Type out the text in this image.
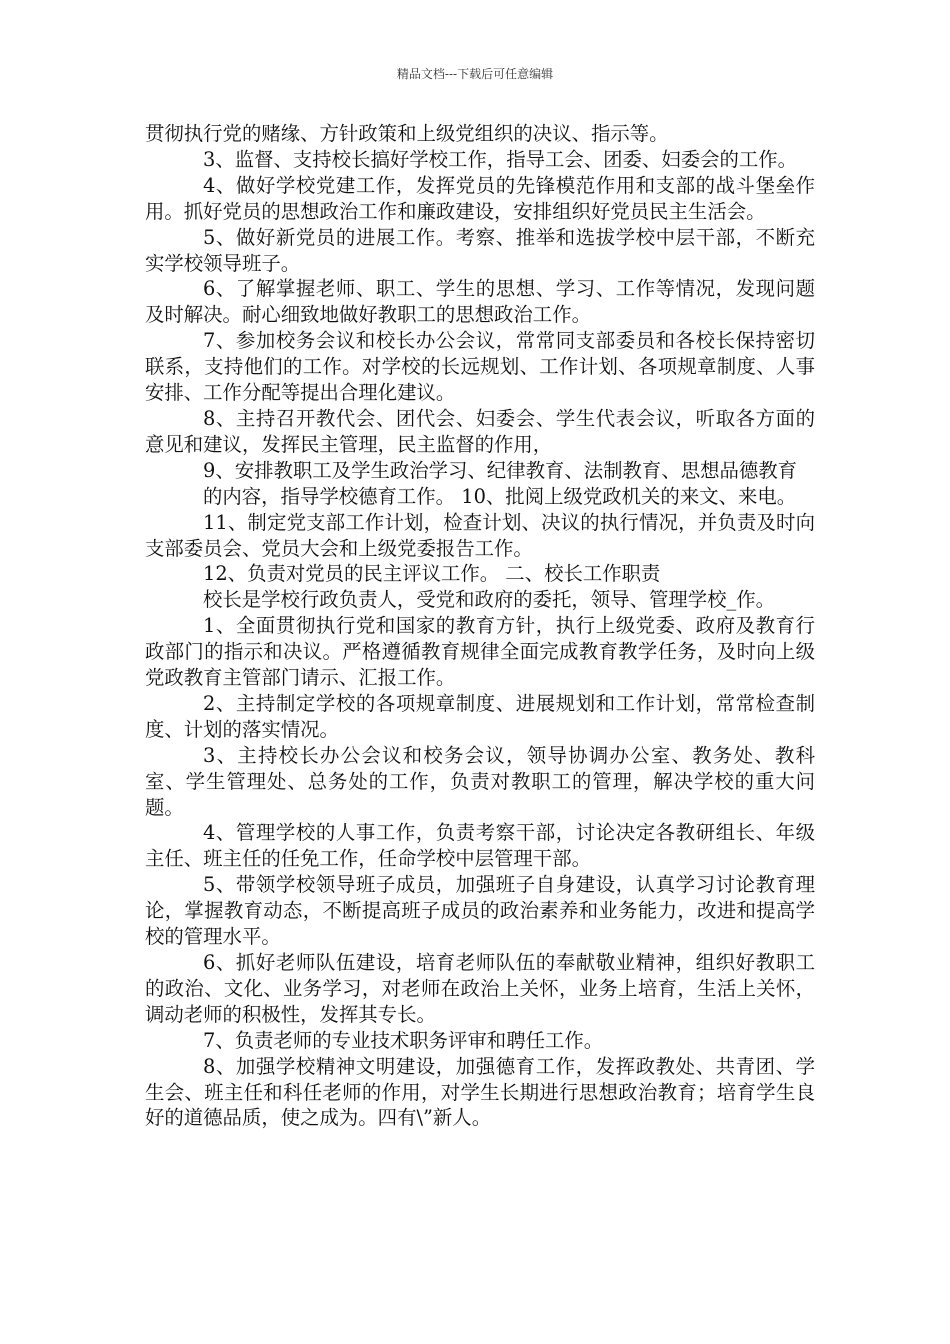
精品文档---下载后可任意编辑

贯彻执行党的赌缘、方针政策和上级党组织的决议、指示等。

3、监督、支持校长搞好学校工作，指导工会、团委、妇委会的工作。

4、做好学校党建工作，发挥党员的先锋模范作用和支部的战斗堡垒作用。抓好党员的思想政治工作和廉政建设，安排组织好党员民主生活会。

5、做好新党员的进展工作。考察、推举和选拔学校中层干部，不断充实学校领导班子。

6、了解掌握老师、职工、学生的思想、学习、工作等情况，发现问题及时解决。耐心细致地做好教职工的思想政治工作。

7、参加校务会议和校长办公会议，常常同支部委员和各校长保持密切联系，支持他们的工作。对学校的长远规划、工作计划、各项规章制度、人事安排、工作分配等提出合理化建议。

8、主持召开教代会、团代会、妇委会、学生代表会议，听取各方面的意见和建议，发挥民主管理，民主监督的作用，

9、安排教职工及学生政治学习、纪律教育、法制教育、思想品德教育

的内容，指导学校德育工作。 10、批阅上级党政机关的来文、来电。

11、制定党支部工作计划，检查计划、决议的执行情况，并负责及时向支部委员会、党员大会和上级党委报告工作。

12、负责对党员的民主评议工作。 二、校长工作职责

校长是学校行政负责人，受党和政府的委托，领导、管理学校_作。

1、全面贯彻执行党和国家的教育方针，执行上级党委、政府及教育行政部门的指示和决议。严格遵循教育规律全面完成教育教学任务，及时向上级党政教育主管部门请示、汇报工作。

2、主持制定学校的各项规章制度、进展规划和工作计划，常常检查制度、计划的落实情况。

3、主持校长办公会议和校务会议，领导协调办公室、教务处、教科室、学生管理处、总务处的工作，负责对教职工的管理，解决学校的重大问题。

4、管理学校的人事工作，负责考察干部，讨论决定各教研组长、年级主任、班主任的任免工作，任命学校中层管理干部。

5、带领学校领导班子成员，加强班子自身建设，认真学习讨论教育理论，掌握教育动态，不断提高班子成员的政治素养和业务能力，改进和提高学校的管理水平。

6、抓好老师队伍建设，培育老师队伍的奉献敬业精神，组织好教职工的政治、文化、业务学习，对老师在政治上关怀，业务上培育，生活上关怀，调动老师的积极性，发挥其专长。

7、负责老师的专业技术职务评审和聘任工作。

8、加强学校精神文明建设，加强德育工作，发挥政教处、共青团、学生会、班主任和科任老师的作用，对学生长期进行思想政治教育；培育学生良好的道德品质，使之成为。四有\”新人。
